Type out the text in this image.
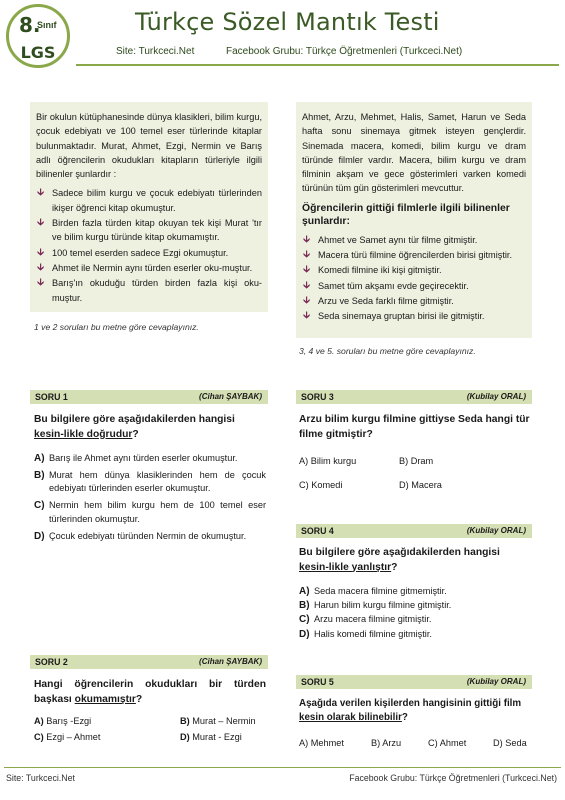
8.
Sınıf
LGS
Türkçe Sözel Mantık Testi
Site: Turkceci.Net	Facebook Grubu: Türkçe Öğretmenleri (Turkceci.Net)

Bir okulun kütüphanesinde dünya klasikleri, bilim kurgu, çocuk edebiyatı ve 100 temel eser türlerinde kitaplar bulunmaktadır. Murat, Ahmet, Ezgi, Nermin ve Barış adlı öğrencilerin okudukları kitapların türleriyle ilgili bilinenler şunlardır :

🡳 Sadece bilim kurgu ve çocuk edebiyatı türlerinden ikişer öğrenci kitap okumuştur.
🡳 Birden fazla türden kitap okuyan tek kişi Murat 'tır ve bilim kurgu türünde kitap okumamıştır.
🡳 100 temel eserden sadece Ezgi okumuştur.
🡳 Ahmet ile Nermin aynı türden eserler oku-muştur.
🡳 Barış'ın okuduğu türden birden fazla kişi oku-muştur.
1 ve 2 soruları bu metne göre cevaplayınız.

Ahmet, Arzu, Mehmet, Halis, Samet, Harun ve Seda hafta sonu sinemaya gitmek isteyen gençlerdir. Sinemada macera, komedi, bilim kurgu ve dram türünde filmler vardır. Macera, bilim kurgu ve dram filminin akşam ve gece gösterimleri varken komedi türünün tüm gün gösterimleri mevcuttur.

Öğrencilerin gittiği filmlerle ilgili bilinenler şunlardır:
🡳 Ahmet ve Samet aynı tür filme gitmiştir.
🡳 Macera türü filmine öğrencilerden birisi gitmiştir.
🡳 Komedi filmine iki kişi gitmiştir.
🡳 Samet tüm akşamı evde geçirecektir.
🡳 Arzu ve Seda farklı filme gitmiştir.
🡳 Seda sinemaya gruptan birisi ile gitmiştir.
3, 4 ve 5. soruları bu metne göre cevaplayınız.
SORU 1	(Cihan ŞAYBAK)
Bu bilgilere göre aşağıdakilerden hangisi kesin-likle doğrudur?
A) Barış ile Ahmet aynı türden eserler okumuştur.
B) Murat hem dünya klasiklerinden hem de çocuk edebiyatı türlerinden eserler okumuştur.
C) Nermin hem bilim kurgu hem de 100 temel eser türlerinden okumuştur.
D) Çocuk edebiyatı türünden Nermin de okumuştur.
SORU 2	(Cihan ŞAYBAK)
Hangi öğrencilerin okudukları bir türden başkası okumamıştır?
A) Barış -Ezgi	B) Murat – Nermin
C) Ezgi – Ahmet	D) Murat - Ezgi
SORU 3	(Kubilay ORAL)
Arzu bilim kurgu filmine gittiyse Seda hangi tür filme gitmiştir?
A) Bilim kurgu	B) Dram
C) Komedi	D) Macera
SORU 4	(Kubilay ORAL)
Bu bilgilere göre aşağıdakilerden hangisi kesin-likle yanlıştır?
A) Seda macera filmine gitmemiştir.
B) Harun bilim kurgu filmine gitmiştir.
C) Arzu macera filmine gitmiştir.
D) Halis komedi filmine gitmiştir.
SORU 5	(Kubilay ORAL)
Aşağıda verilen kişilerden hangisinin gittiği film kesin olarak bilinebilir?
A) Mehmet	B) Arzu	C) Ahmet	D) Seda
Site: Turkceci.Net	Facebook Grubu: Türkçe Öğretmenleri (Turkceci.Net)
